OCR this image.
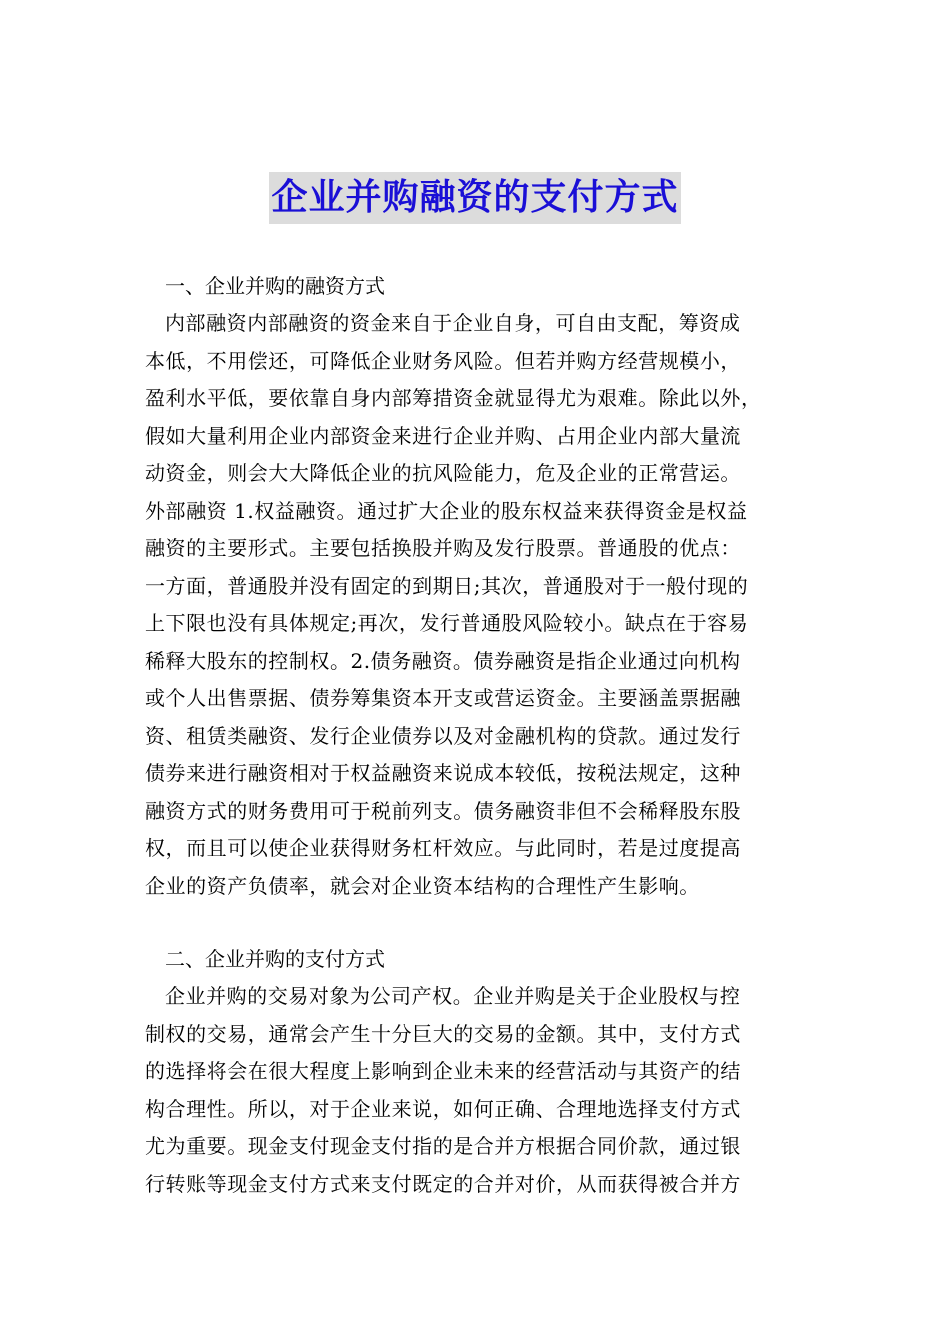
企业并购融资的支付方式
一、企业并购的融资方式

内部融资内部融资的资金来自于企业自身，可自由支配，筹资成
本低，不用偿还，可降低企业财务风险。但若并购方经营规模小，
盈利水平低，要依靠自身内部筹措资金就显得尤为艰难。除此以外，
假如大量利用企业内部资金来进行企业并购、占用企业内部大量流
动资金，则会大大降低企业的抗风险能力，危及企业的正常营运。
外部融资 1.权益融资。通过扩大企业的股东权益来获得资金是权益
融资的主要形式。主要包括换股并购及发行股票。普通股的优点：
一方面，普通股并没有固定的到期日;其次，普通股对于一般付现的
上下限也没有具体规定;再次，发行普通股风险较小。缺点在于容易
稀释大股东的控制权。2.债务融资。债券融资是指企业通过向机构
或个人出售票据、债券筹集资本开支或营运资金。主要涵盖票据融
资、租赁类融资、发行企业债券以及对金融机构的贷款。通过发行
债券来进行融资相对于权益融资来说成本较低，按税法规定，这种
融资方式的财务费用可于税前列支。债务融资非但不会稀释股东股
权，而且可以使企业获得财务杠杆效应。与此同时，若是过度提高
企业的资产负债率，就会对企业资本结构的合理性产生影响。

二、企业并购的支付方式

企业并购的交易对象为公司产权。企业并购是关于企业股权与控
制权的交易，通常会产生十分巨大的交易的金额。其中，支付方式
的选择将会在很大程度上影响到企业未来的经营活动与其资产的结
构合理性。所以，对于企业来说，如何正确、合理地选择支付方式
尤为重要。现金支付现金支付指的是合并方根据合同价款，通过银
行转账等现金支付方式来支付既定的合并对价，从而获得被合并方
